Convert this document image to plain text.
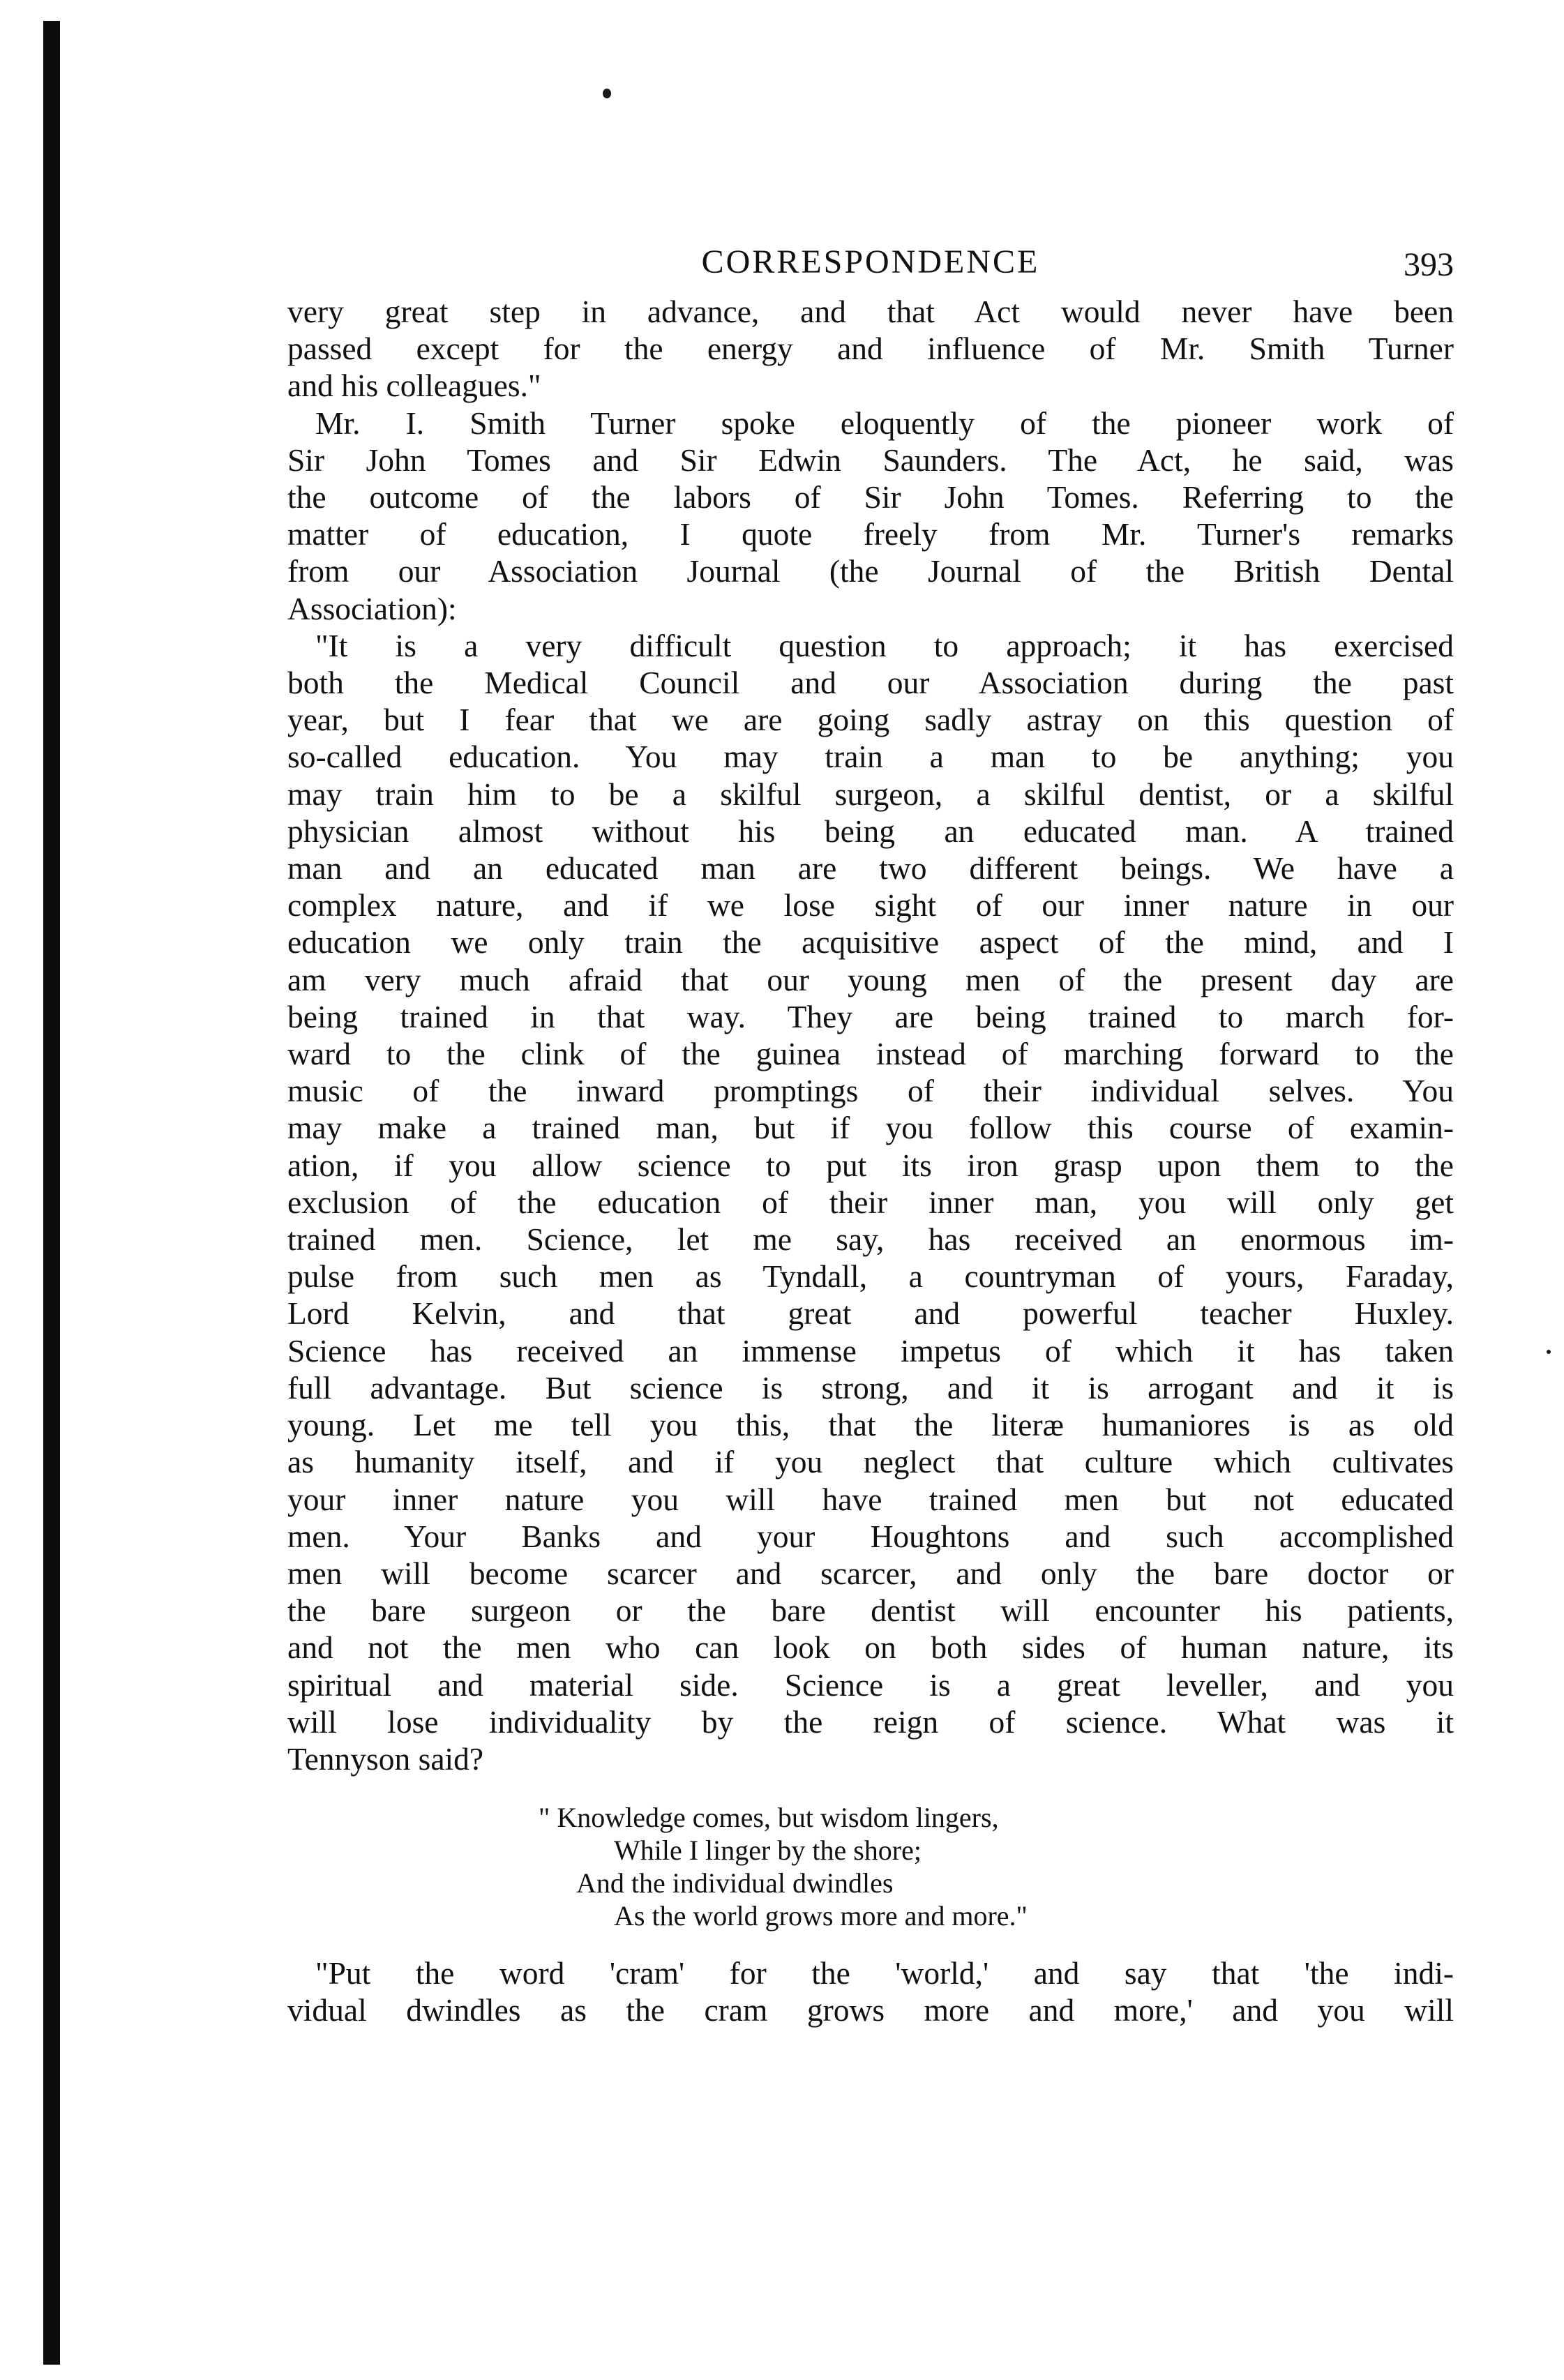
CORRESPONDENCE	393

very great step in advance, and that Act would never have been
passed except for the energy and influence of Mr. Smith Turner
and his colleagues."

Mr. I. Smith Turner spoke eloquently of the pioneer work of
Sir John Tomes and Sir Edwin Saunders. The Act, he said, was
the outcome of the labors of Sir John Tomes. Referring to the
matter of education, I quote freely from Mr. Turner's remarks
from our Association Journal (the Journal of the British Dental
Association):

"It is a very difficult question to approach; it has exercised
both the Medical Council and our Association during the past
year, but I fear that we are going sadly astray on this question of
so-called education. You may train a man to be anything; you
may train him to be a skilful surgeon, a skilful dentist, or a skilful
physician almost without his being an educated man. A trained
man and an educated man are two different beings. We have a
complex nature, and if we lose sight of our inner nature in our
education we only train the acquisitive aspect of the mind, and I
am very much afraid that our young men of the present day are
being trained in that way. They are being trained to march for-
ward to the clink of the guinea instead of marching forward to the
music of the inward promptings of their individual selves. You
may make a trained man, but if you follow this course of examin-
ation, if you allow science to put its iron grasp upon them to the
exclusion of the education of their inner man, you will only get
trained men. Science, let me say, has received an enormous im-
pulse from such men as Tyndall, a countryman of yours, Faraday,
Lord Kelvin, and that great and powerful teacher Huxley.
Science has received an immense impetus of which it has taken
full advantage. But science is strong, and it is arrogant and it is
young. Let me tell you this, that the literæ humaniores is as old
as humanity itself, and if you neglect that culture which cultivates
your inner nature you will have trained men but not educated
men. Your Banks and your Houghtons and such accomplished
men will become scarcer and scarcer, and only the bare doctor or
the bare surgeon or the bare dentist will encounter his patients,
and not the men who can look on both sides of human nature, its
spiritual and material side. Science is a great leveller, and you
will lose individuality by the reign of science. What was it
Tennyson said?

" Knowledge comes, but wisdom lingers,
While I linger by the shore;
And the individual dwindles
As the world grows more and more."

"Put the word 'cram' for the 'world,' and say that 'the indi-
vidual dwindles as the cram grows more and more,' and you will
